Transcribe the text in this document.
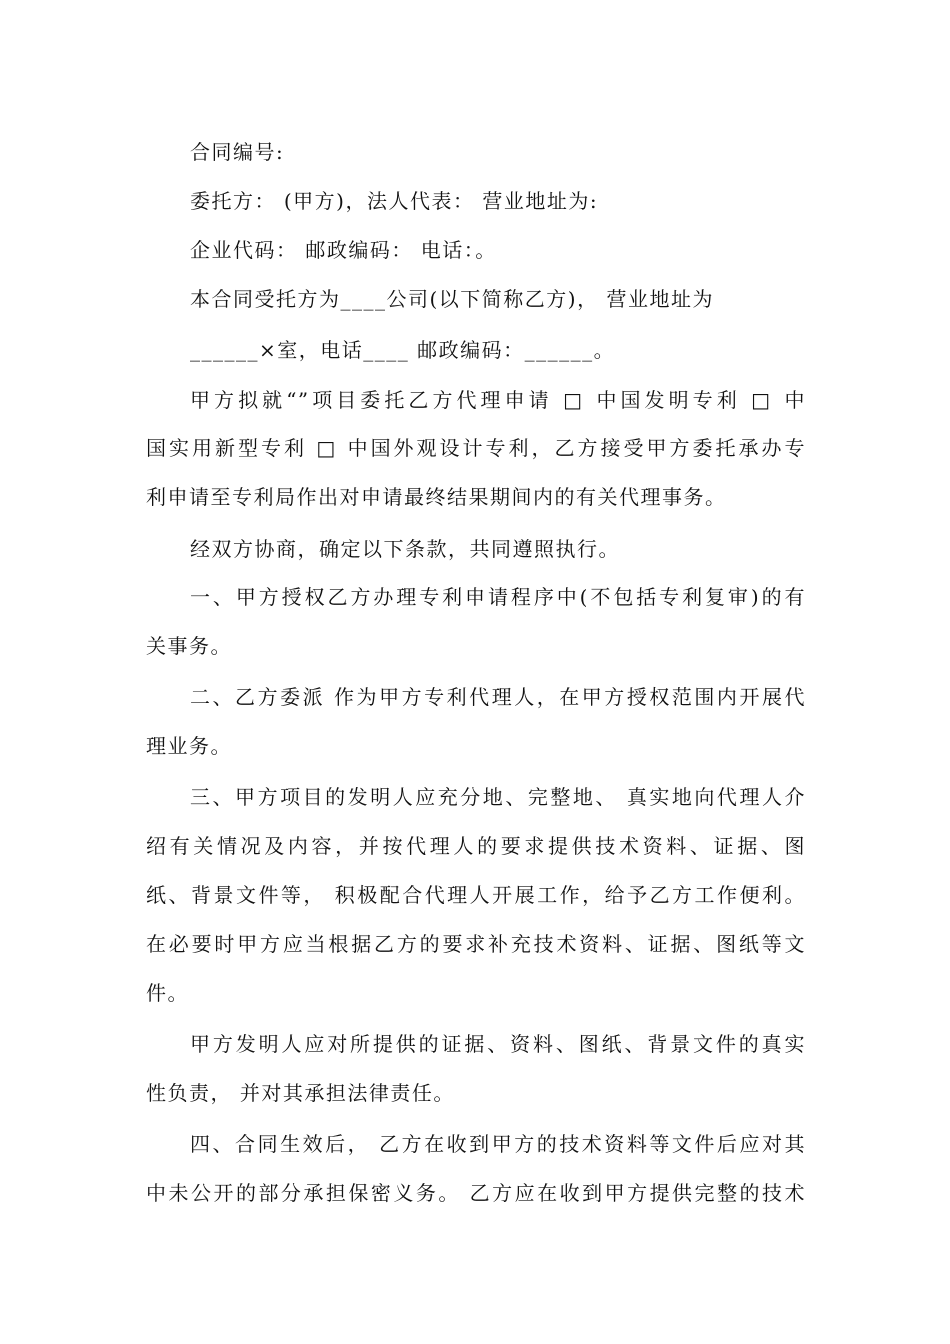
合同编号:
委托方： (甲方)，法人代表： 营业地址为:
企业代码： 邮政编码： 电话：。
本合同受托方为____公司(以下简称乙方)， 营业地址为
______×室，电话____ 邮政编码：______。
甲方拟就“”项目委托乙方代理申请 □ 中国发明专利 □ 中
国实用新型专利 □ 中国外观设计专利，乙方接受甲方委托承办专
利申请至专利局作出对申请最终结果期间内的有关代理事务。
经双方协商，确定以下条款，共同遵照执行。
一、甲方授权乙方办理专利申请程序中(不包括专利复审)的有
关事务。
二、乙方委派 作为甲方专利代理人，在甲方授权范围内开展代
理业务。
三、甲方项目的发明人应充分地、完整地、 真实地向代理人介
绍有关情况及内容，并按代理人的要求提供技术资料、证据、图
纸、背景文件等， 积极配合代理人开展工作，给予乙方工作便利。
在必要时甲方应当根据乙方的要求补充技术资料、证据、图纸等文
件。
甲方发明人应对所提供的证据、资料、图纸、背景文件的真实
性负责， 并对其承担法律责任。
四、合同生效后， 乙方在收到甲方的技术资料等文件后应对其
中未公开的部分承担保密义务。 乙方应在收到甲方提供完整的技术
